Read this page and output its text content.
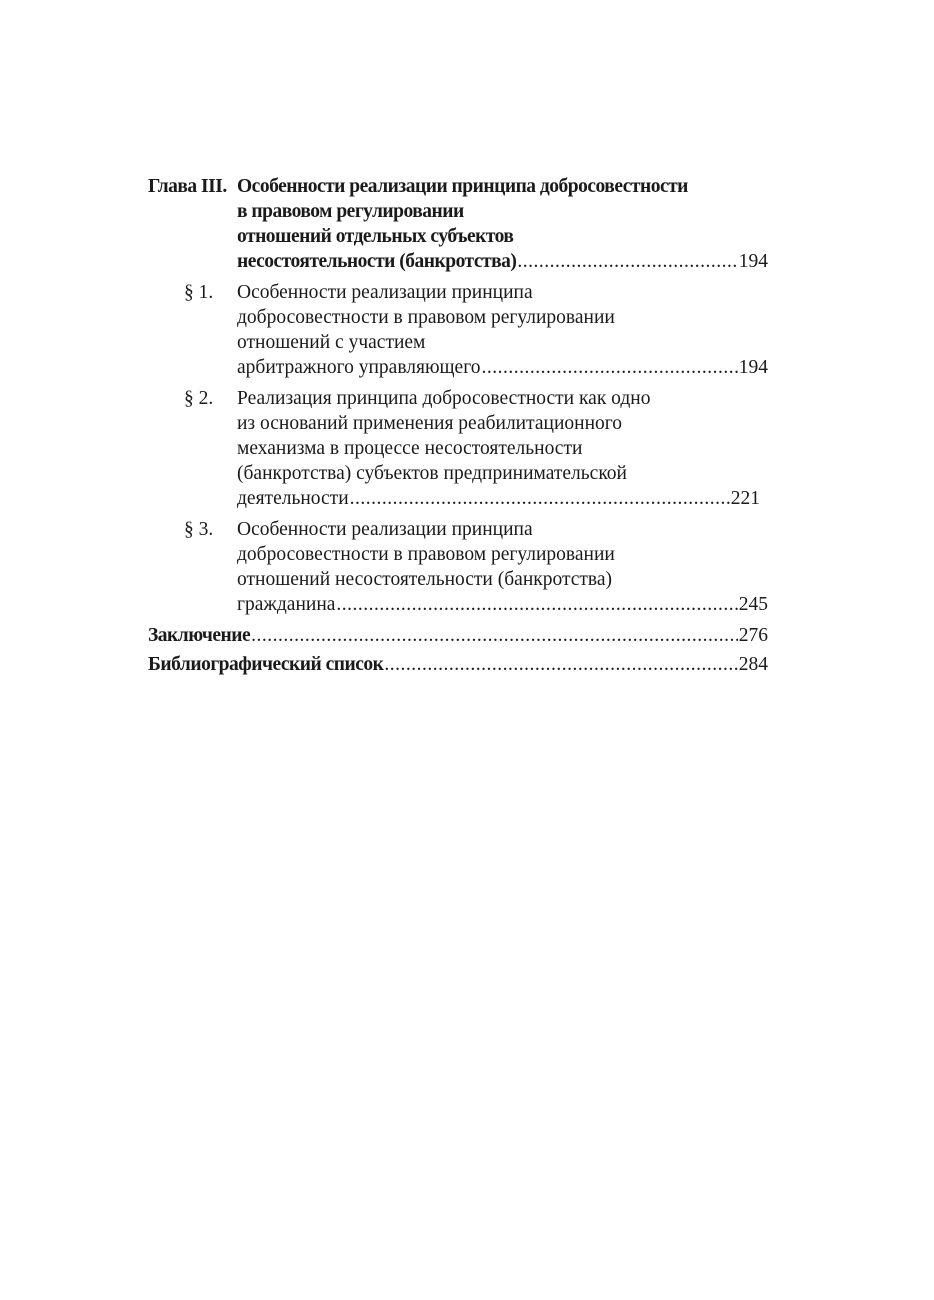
Глава III. Особенности реализации принципа добросовестности
в правовом регулировании
отношений отдельных субъектов
несостоятельности (банкротства) .....	194
§ 1.	Особенности реализации принципа
добросовестности в правовом регулировании
отношений с участием
арбитражного управляющего .....	194
§ 2.	Реализация принципа добросовестности как одно
из оснований применения реабилитационного
механизма в процессе несостоятельности
(банкротства) субъектов предпринимательской
деятельности .....	221
§ 3.	Особенности реализации принципа
добросовестности в правовом регулировании
отношений несостоятельности (банкротства)
гражданина .....	245
Заключение .....	276
Библиографический список .....	284
